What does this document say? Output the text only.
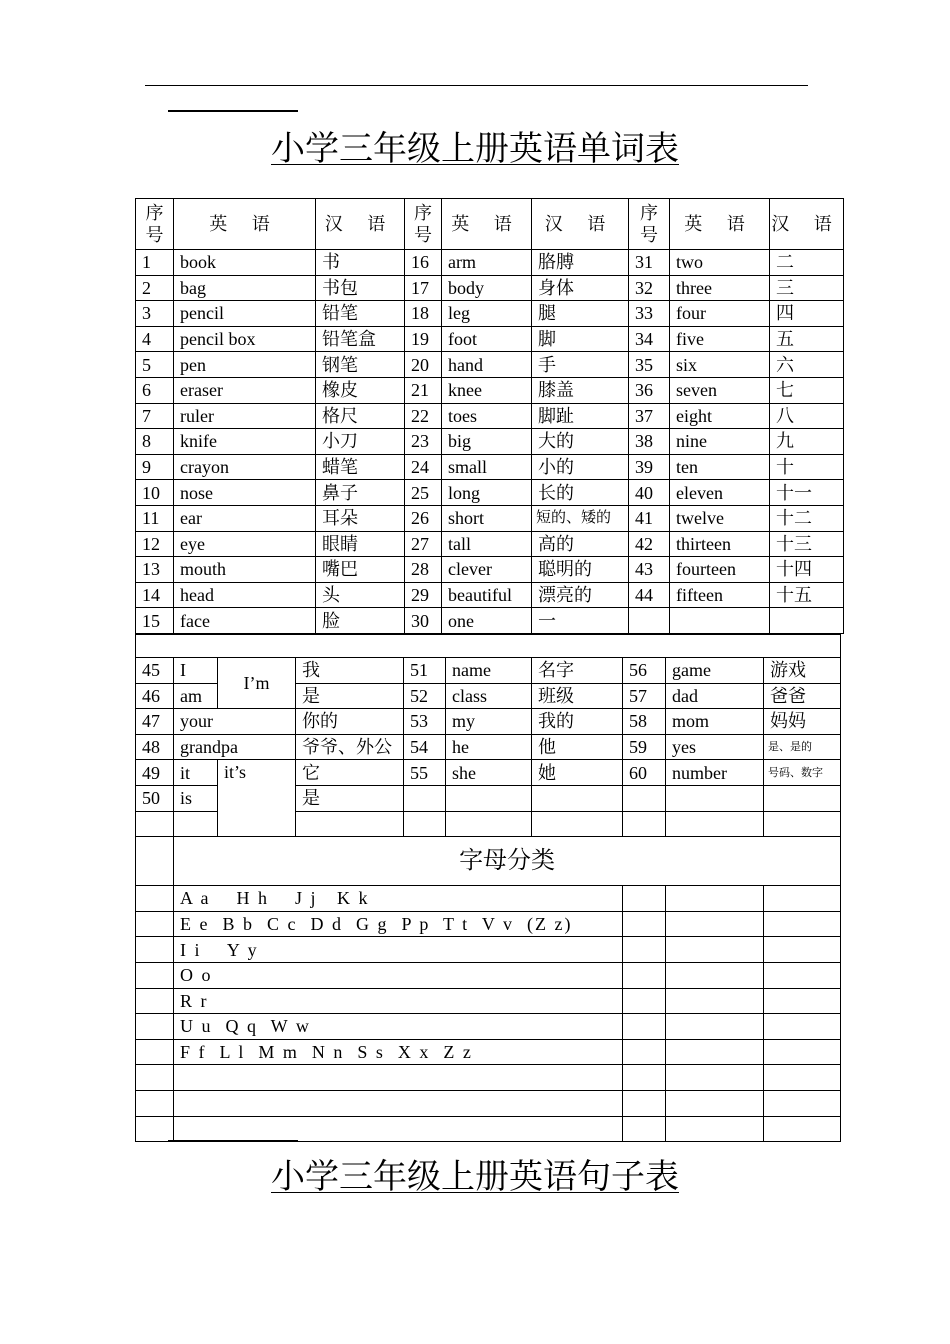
小学三年级上册英语单词表
序号	英 语	汉 语	序号	英 语	汉 语	序号	英 语	汉 语
1	book	书	16	arm	胳膊	31	two	二
2	bag	书包	17	body	身体	32	three	三
3	pencil	铅笔	18	leg	腿	33	four	四
4	pencil box	铅笔盒	19	foot	脚	34	five	五
5	pen	钢笔	20	hand	手	35	six	六
6	eraser	橡皮	21	knee	膝盖	36	seven	七
7	ruler	格尺	22	toes	脚趾	37	eight	八
8	knife	小刀	23	big	大的	38	nine	九
9	crayon	蜡笔	24	small	小的	39	ten	十
10	nose	鼻子	25	long	长的	40	eleven	十一
11	ear	耳朵	26	short	短的、矮的	41	twelve	十二
12	eye	眼睛	27	tall	高的	42	thirteen	十三
13	mouth	嘴巴	28	clever	聪明的	43	fourteen	十四
14	head	头	29	beautiful	漂亮的	44	fifteen	十五
15	face	脸	30	one	一			

45	I	I’m	我	51	name	名字	56	game	游戏
46	am		是	52	class	班级	57	dad	爸爸
47	your		你的	53	my	我的	58	mom	妈妈
48	grandpa		爷爷、外公	54	he	他	59	yes	是、是的
49	it	it’s	它	55	she	她	60	number	号码、数字
50	is		是						

	字母分类								
	A a    H h    J j   K k								
	E e  B b  C c  D d  G g  P p  T t  V v  (Z z)								
	I i    Y y								
	O o								
	R r								
	U u  Q q  W w								
	F f  L l  M m  N n  S s  X x  Z z								

小学三年级上册英语句子表
